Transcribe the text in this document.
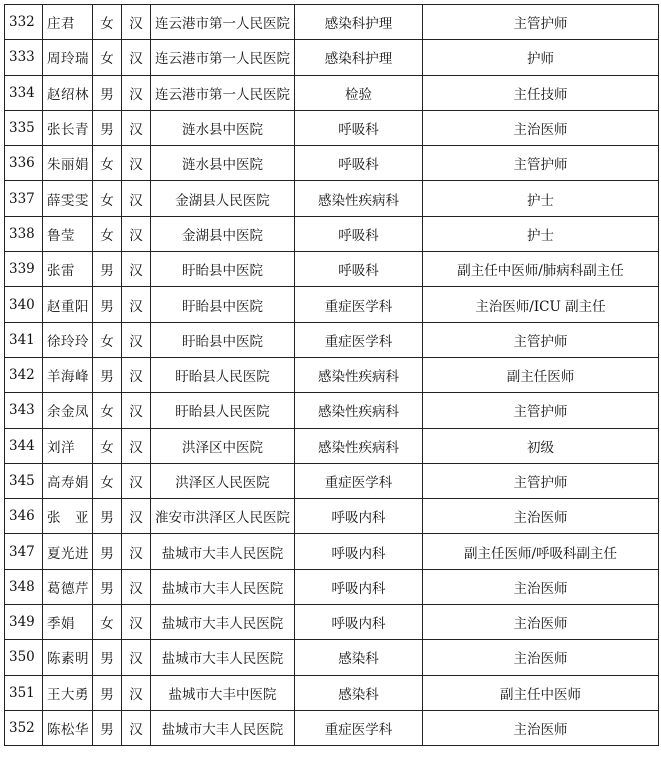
332	庄君	女	汉	连云港市第一人民医院	感染科护理	主管护师
333	周玲瑞	女	汉	连云港市第一人民医院	感染科护理	护师
334	赵绍林	男	汉	连云港市第一人民医院	检验	主任技师
335	张长青	男	汉	涟水县中医院	呼吸科	主治医师
336	朱丽娟	女	汉	涟水县中医院	呼吸科	主管护师
337	薛雯雯	女	汉	金湖县人民医院	感染性疾病科	护士
338	鲁莹	女	汉	金湖县中医院	呼吸科	护士
339	张雷	男	汉	盱眙县中医院	呼吸科	副主任中医师/肺病科副主任
340	赵重阳	男	汉	盱眙县中医院	重症医学科	主治医师/ICU 副主任
341	徐玲玲	女	汉	盱眙县中医院	重症医学科	主管护师
342	羊海峰	男	汉	盱眙县人民医院	感染性疾病科	副主任医师
343	余金凤	女	汉	盱眙县人民医院	感染性疾病科	主管护师
344	刘洋	女	汉	洪泽区中医院	感染性疾病科	初级
345	高寿娟	女	汉	洪泽区人民医院	重症医学科	主管护师
346	张　亚	男	汉	淮安市洪泽区人民医院	呼吸内科	主治医师
347	夏光进	男	汉	盐城市大丰人民医院	呼吸内科	副主任医师/呼吸科副主任
348	葛德芹	男	汉	盐城市大丰人民医院	呼吸内科	主治医师
349	季娟	女	汉	盐城市大丰人民医院	呼吸内科	主治医师
350	陈素明	男	汉	盐城市大丰人民医院	感染科	主治医师
351	王大勇	男	汉	盐城市大丰中医院	感染科	副主任中医师
352	陈松华	男	汉	盐城市大丰人民医院	重症医学科	主治医师
